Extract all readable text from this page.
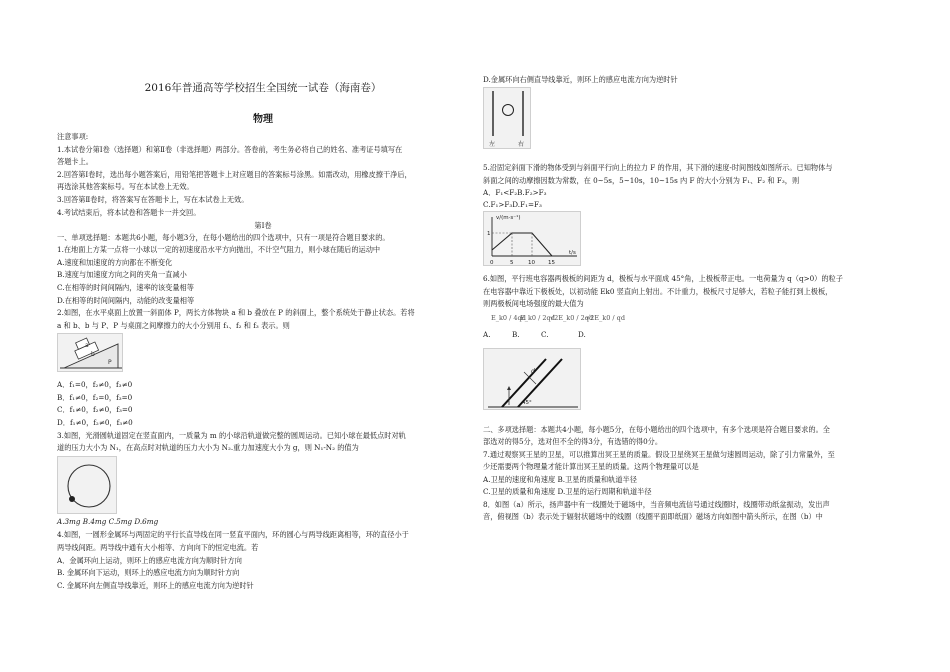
2016年普通高等学校招生全国统一试卷（海南卷）
物理
注意事项:
1.本试卷分第Ⅰ卷（选择题）和第Ⅱ卷（非选择题）两部分。答卷前，考生务必将自己的姓名、准考证号填写在
答题卡上。
2.回答第Ⅰ卷时，选出每小题答案后，用铅笔把答题卡上对应题目的答案标号涂黑。如需改动，用橡皮擦干净后，
再选涂其他答案标号。写在本试卷上无效。
3.回答第Ⅱ卷时，将答案写在答题卡上，写在本试卷上无效。
4.考试结束后，将本试卷和答题卡一并交回。
第Ⅰ卷
一、单项选择题：本题共6小题，每小题3分，在每小题给出的四个选项中，只有一项是符合题目要求的。
1.在地面上方某一点将一小球以一定的初速度沿水平方向抛出，不计空气阻力，则小球在随后的运动中
A.速度和加速度的方向都在不断变化
B.速度与加速度方向之间的夹角一直减小
C.在相等的时间间隔内，速率的该变量相等
D.在相等的时间间隔内，动能的改变量相等
2.如图，在水平桌面上放置一斜面体 P，两长方体物块 a 和 b 叠放在 P 的斜面上，整个系统处于静止状态。若将
a 和 b、b 与 P、P 与桌面之间摩擦力的大小分别用 f₁、f₂ 和 f₃ 表示。则
a
b
P
A．f₁=0，f₂≠0，f₃≠0
B．f₁≠0，f₂=0，f₃=0
C．f₁≠0，f₂≠0，f₃=0
D．f₁≠0，f₂≠0，f₃≠0
3.如图，光滑圆轨道固定在竖直面内，一质量为 m 的小球沿轨道做完整的圆周运动。已知小球在最低点时对轨
道的压力大小为 N₁，在高点时对轨道的压力大小为 N₂.重力加速度大小为 g，则 N₁-N₂ 的值为
A.3mg B.4mg C.5mg D.6mg
4.如图，一圆形金属环与两固定的平行长直导线在同一竖直平面内，环的圆心与两导线距离相等，环的直径小于
两导线间距。两导线中通有大小相等、方向向下的恒定电流。若
A．金属环向上运动，则环上的感应电流方向为顺时针方向
B. 金属环向下运动，则环上的感应电流方向为顺时针方向
C. 金属环向左侧直导线靠近，则环上的感应电流方向为逆时针
D.金属环向右侧直导线靠近，则环上的感应电流方向为逆时针
左	右
5.沿固定斜面下滑的物体受到与斜面平行向上的拉力 F 的作用，其下滑的速度-时间图线如图所示。已知物体与
斜面之间的动摩擦因数为常数，在 0~5s，5~10s，10~15s 内 F 的大小分别为 F₁、F₂ 和 F₃，则
A．F₁<F₂B.F₂>F₃
C.F₁>F₃D.F₁=F₃
v/(m·s⁻¹)
t/s
1
0	5	10 15
6.如图，平行班电容器两极板的间距为 d，极板与水平面成 45°角，上极板带正电。一电荷量为 q（q>0）的粒子
在电容器中靠近下极板处，以初动能 Ek0 竖直向上射出。不计重力，极板尺寸足够大，若粒子能打到上极板，
则两极板间电场强度的最大值为
A.	B.	C.	D.
E_k0 / 4qd
E_k0 / 2qd
√2E_k0 / 2qd
√2E_k0 / qd
d
45°
二、多项选择题：本题共4小题，每小题5分，在每小题给出的四个选项中，有多个选项是符合题目要求的。全
部选对的得5分，选对但不全的得3分，有选错的得0分。
7.通过观察冥王星的卫星，可以推算出冥王星的质量。假设卫星绕冥王星做匀速圆周运动，除了引力常量外，至
少还需要两个物理量才能计算出冥王星的质量。这两个物理量可以是
A.卫星的速度和角速度 B.卫星的质量和轨道半径
C.卫星的质量和角速度 D.卫星的运行周期和轨道半径
8．如图（a）所示，扬声器中有一线圈处于磁场中，当音频电流信号通过线圈时，线圈带动纸盆振动，发出声
音，俯视图（b）表示处于辐射状磁场中的线圈（线圈平面即纸面）磁场方向如图中箭头所示，在图（b）中
